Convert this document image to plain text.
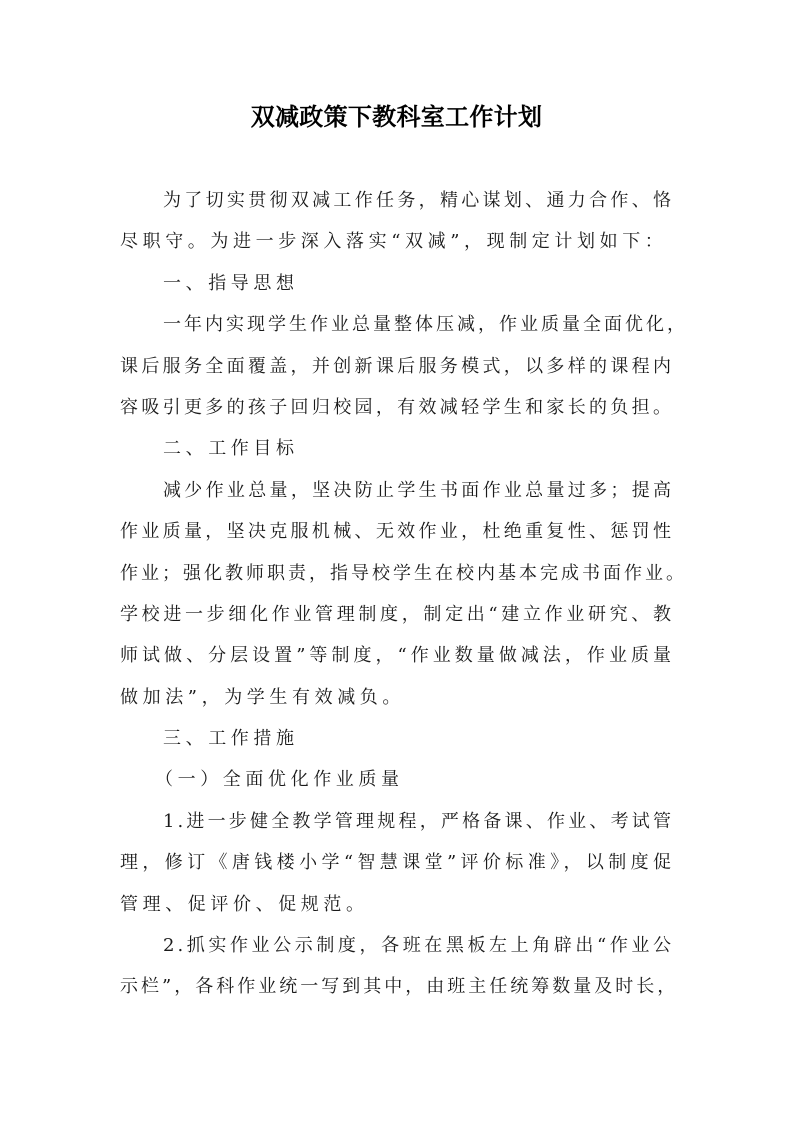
双减政策下教科室工作计划
为了切实贯彻双减工作任务，精心谋划、通力合作、恪
尽职守。为进一步深入落实“双减”，现制定计划如下：
一、指导思想
一年内实现学生作业总量整体压减，作业质量全面优化，
课后服务全面覆盖，并创新课后服务模式，以多样的课程内
容吸引更多的孩子回归校园，有效减轻学生和家长的负担。
二、工作目标
减少作业总量，坚决防止学生书面作业总量过多；提高
作业质量，坚决克服机械、无效作业，杜绝重复性、惩罚性
作业；强化教师职责，指导校学生在校内基本完成书面作业。
学校进一步细化作业管理制度，制定出“建立作业研究、教
师试做、分层设置”等制度，“作业数量做减法，作业质量
做加法”，为学生有效减负。
三、工作措施
（一）全面优化作业质量
1.进一步健全教学管理规程，严格备课、作业、考试管
理，修订《唐钱楼小学“智慧课堂”评价标准》，以制度促
管理、促评价、促规范。
2.抓实作业公示制度，各班在黑板左上角辟出“作业公
示栏”，各科作业统一写到其中，由班主任统筹数量及时长，
